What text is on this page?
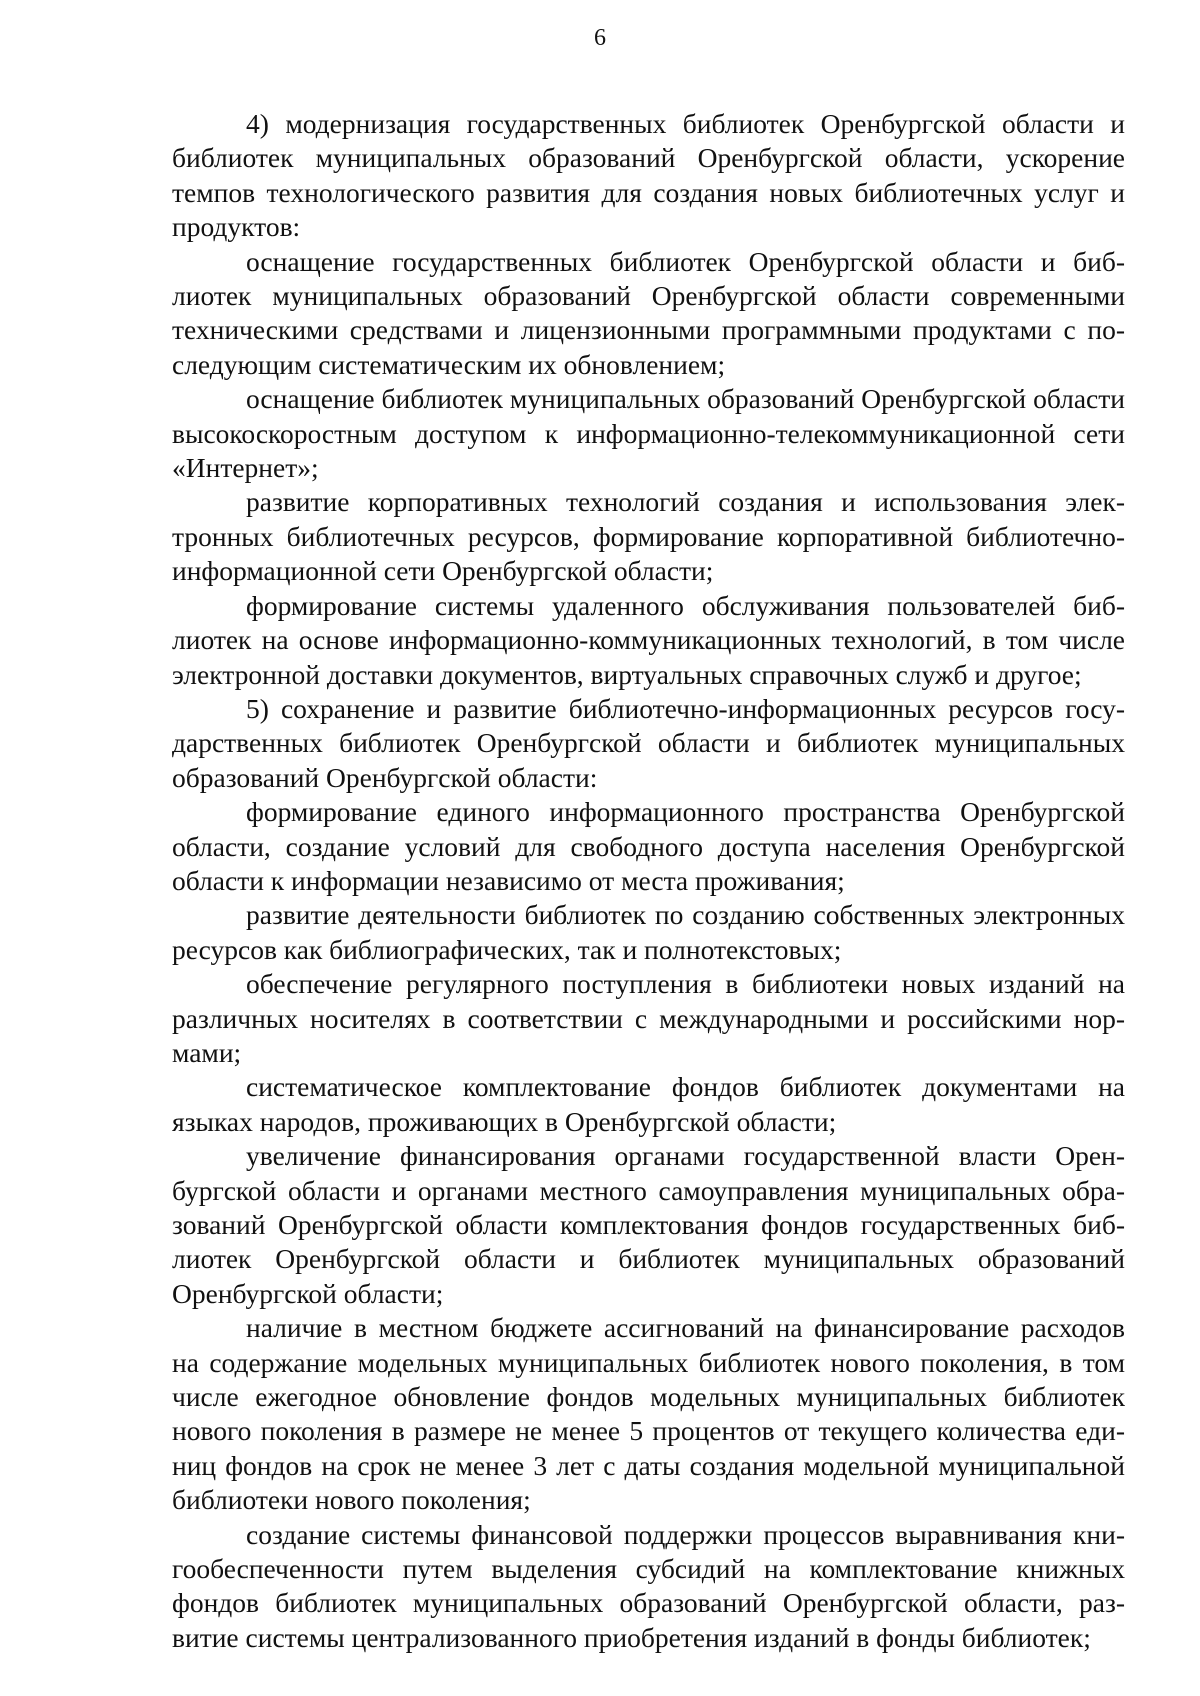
6

4) модернизация государственных библиотек Оренбургской области и библиотек муниципальных образований Оренбургской области, ускорение темпов технологического развития для создания новых библиотечных услуг и продуктов:

оснащение государственных библиотек Оренбургской области и библиотек муниципальных образований Оренбургской области современными техническими средствами и лицензионными программными продуктами с последующим систематическим их обновлением;

оснащение библиотек муниципальных образований Оренбургской области высокоскоростным доступом к информационно-телекоммуникационной сети «Интернет»;

развитие корпоративных технологий создания и использования электронных библиотечных ресурсов, формирование корпоративной библиотечно-информационной сети Оренбургской области;

формирование системы удаленного обслуживания пользователей библиотек на основе информационно-коммуникационных технологий, в том числе электронной доставки документов, виртуальных справочных служб и другое;

5) сохранение и развитие библиотечно-информационных ресурсов государственных библиотек Оренбургской области и библиотек муниципальных образований Оренбургской области:

формирование единого информационного пространства Оренбургской области, создание условий для свободного доступа населения Оренбургской области к информации независимо от места проживания;

развитие деятельности библиотек по созданию собственных электронных ресурсов как библиографических, так и полнотекстовых;

обеспечение регулярного поступления в библиотеки новых изданий на различных носителях в соответствии с международными и российскими нормами;

систематическое комплектование фондов библиотек документами на языках народов, проживающих в Оренбургской области;

увеличение финансирования органами государственной власти Оренбургской области и органами местного самоуправления муниципальных образований Оренбургской области комплектования фондов государственных библиотек Оренбургской области и библиотек муниципальных образований Оренбургской области;

наличие в местном бюджете ассигнований на финансирование расходов на содержание модельных муниципальных библиотек нового поколения, в том числе ежегодное обновление фондов модельных муниципальных библиотек нового поколения в размере не менее 5 процентов от текущего количества единиц фондов на срок не менее 3 лет с даты создания модельной муниципальной библиотеки нового поколения;

создание системы финансовой поддержки процессов выравнивания книгообеспеченности путем выделения субсидий на комплектование книжных фондов библиотек муниципальных образований Оренбургской области, развитие системы централизованного приобретения изданий в фонды библиотек;
